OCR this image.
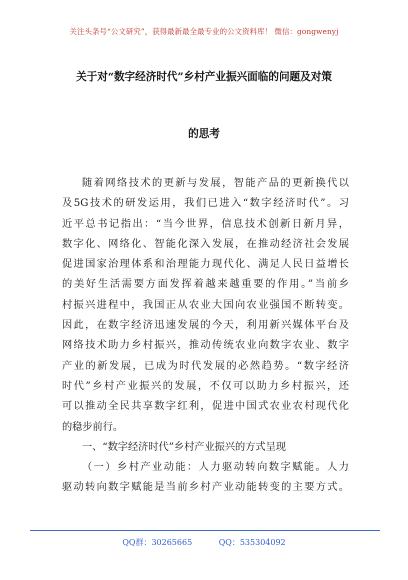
关注头条号“公文研究”，获得最新最全最专业的公文资料库！ 微信：gongwenyj
关于对“数字经济时代”乡村产业振兴面临的问题及对策
的思考
随着网络技术的更新与发展，智能产品的更新换代以
及5G技术的研发运用，我们已进入“数字经济时代”。习
近平总书记指出：“当今世界，信息技术创新日新月异，
数字化、网络化、智能化深入发展，在推动经济社会发展
促进国家治理体系和治理能力现代化、满足人民日益增长
的美好生活需要方面发挥着越来越重要的作用。”当前乡
村振兴进程中，我国正从农业大国向农业强国不断转变。
因此，在数字经济迅速发展的今天，利用新兴媒体平台及
网络技术助力乡村振兴，推动传统农业向数字农业、数字
产业的新发展，已成为时代发展的必然趋势。“数字经济
时代”乡村产业振兴的发展，不仅可以助力乡村振兴，还
可以推动全民共享数字红利，促进中国式农业农村现代化
的稳步前行。
一、“数字经济时代”乡村产业振兴的方式呈现
（一）乡村产业动能：人力驱动转向数字赋能。人力
驱动转向数字赋能是当前乡村产业动能转变的主要方式。
QQ群：30265665	QQ：535304092
